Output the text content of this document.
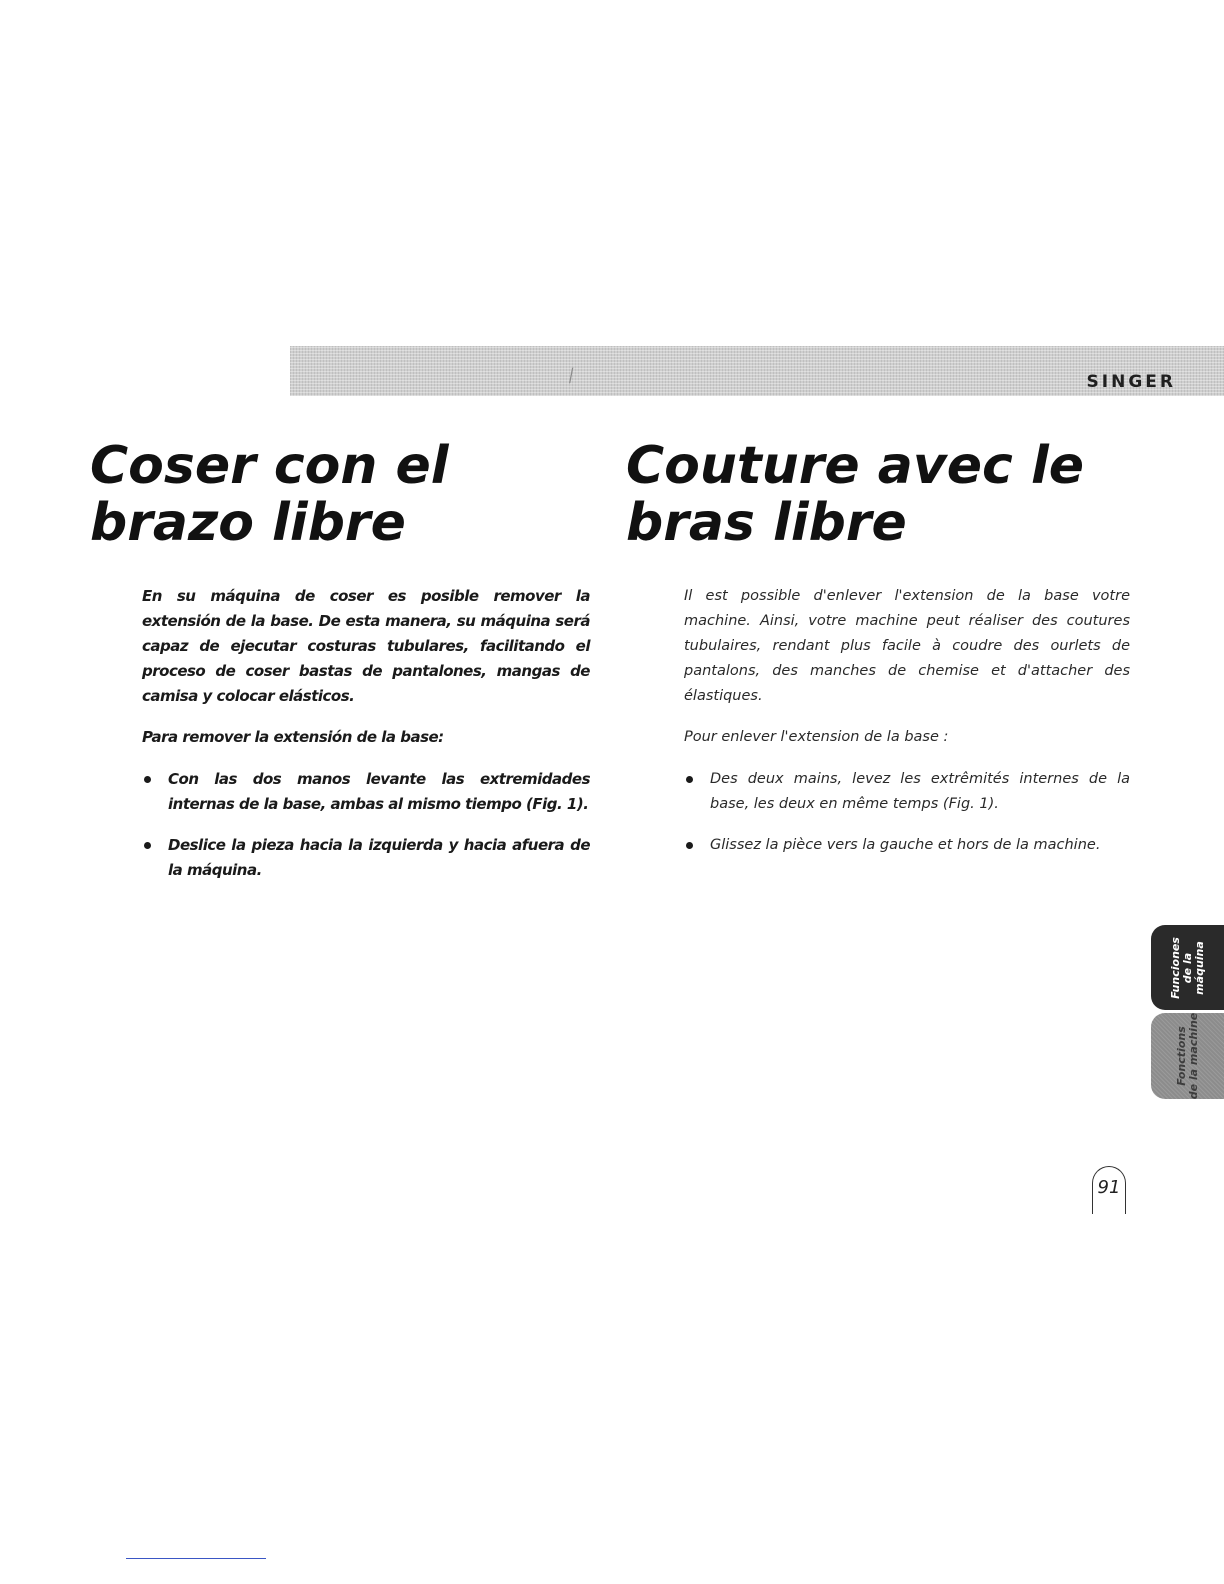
⁄	SINGER
Coser con el
brazo libre

En su máquina de coser es posible remover la extensión de la base. De esta manera, su máquina será capaz de ejecutar costuras tubulares, facilitando el proceso de coser bastas de pantalones, mangas de camisa y colocar elásticos.

Para remover la extensión de la base:

Con las dos manos levante las extremidades internas de la base, ambas al mismo tiempo (Fig. 1).
Deslice la pieza hacia la izquierda y hacia afuera de la máquina.
Couture avec le
bras libre

Il est possible d'enlever l'extension de la base votre machine. Ainsi, votre machine peut réaliser des coutures tubulaires, rendant plus facile à coudre des ourlets de pantalons, des manches de chemise et d'attacher des élastiques.

Pour enlever l'extension de la base :

Des deux mains, levez les extrêmités internes de la base, les deux en même temps (Fig. 1).
Glissez la pièce vers la gauche et hors de la machine.
Funciones de la máquina
Fonctions de la machine
91
